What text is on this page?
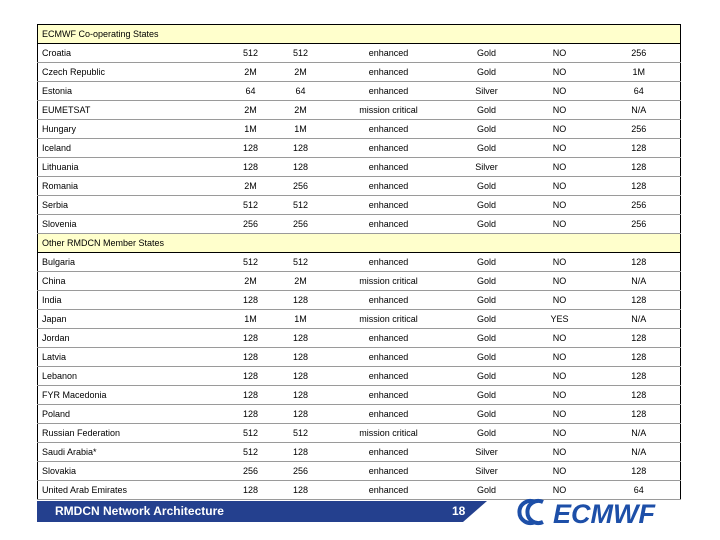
ECMWF Co-operating States						
Croatia	512	512	enhanced	Gold	NO	256
Czech Republic	2M	2M	enhanced	Gold	NO	1M
Estonia	64	64	enhanced	Silver	NO	64
EUMETSAT	2M	2M	mission critical	Gold	NO	N/A
Hungary	1M	1M	enhanced	Gold	NO	256
Iceland	128	128	enhanced	Gold	NO	128
Lithuania	128	128	enhanced	Silver	NO	128
Romania	2M	256	enhanced	Gold	NO	128
Serbia	512	512	enhanced	Gold	NO	256
Slovenia	256	256	enhanced	Gold	NO	256
Other RMDCN Member States						
Bulgaria	512	512	enhanced	Gold	NO	128
China	2M	2M	mission critical	Gold	NO	N/A
India	128	128	enhanced	Gold	NO	128
Japan	1M	1M	mission critical	Gold	YES	N/A
Jordan	128	128	enhanced	Gold	NO	128
Latvia	128	128	enhanced	Gold	NO	128
Lebanon	128	128	enhanced	Gold	NO	128
FYR Macedonia	128	128	enhanced	Gold	NO	128
Poland	128	128	enhanced	Gold	NO	128
Russian Federation	512	512	mission critical	Gold	NO	N/A
Saudi Arabia*	512	128	enhanced	Silver	NO	N/A
Slovakia	256	256	enhanced	Silver	NO	128
United Arab Emirates	128	128	enhanced	Gold	NO	64
RMDCN Network Architecture	18	ECMWF
